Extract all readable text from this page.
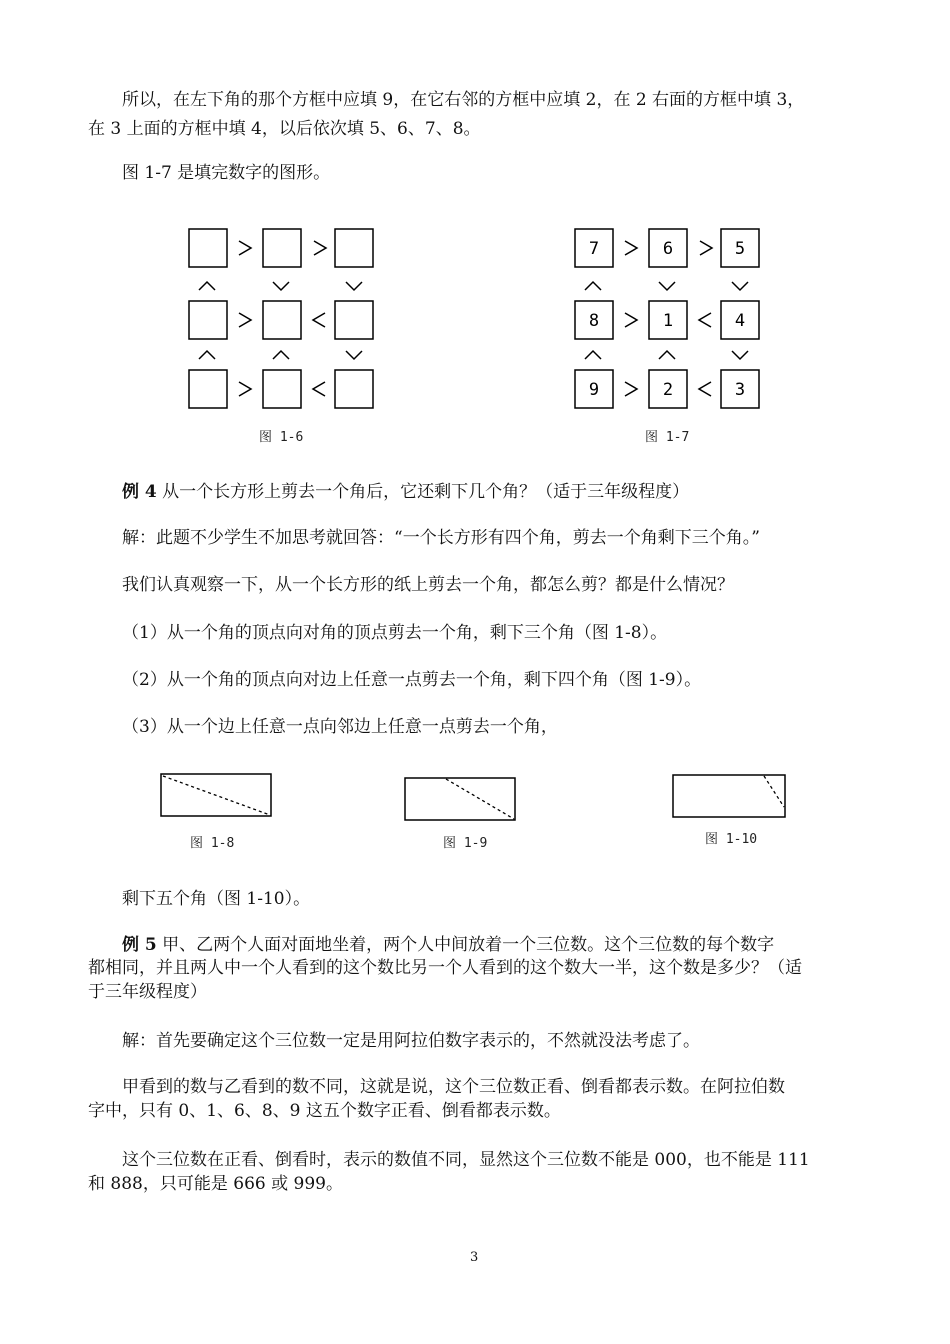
所以，在左下角的那个方框中应填 9，在它右邻的方框中应填 2，在 2 右面的方框中填 3，
在 3 上面的方框中填 4，以后依次填 5、6、7、8。
图 1-7 是填完数字的图形。
图 1-6
7	6	5
8	1	4
9	2	3
图 1-7
例 4 从一个长方形上剪去一个角后，它还剩下几个角？（适于三年级程度）
解：此题不少学生不加思考就回答：“一个长方形有四个角，剪去一个角剩下三个角。”
我们认真观察一下，从一个长方形的纸上剪去一个角，都怎么剪？都是什么情况？
（1）从一个角的顶点向对角的顶点剪去一个角，剩下三个角（图 1-8）。
（2）从一个角的顶点向对边上任意一点剪去一个角，剩下四个角（图 1-9）。
（3）从一个边上任意一点向邻边上任意一点剪去一个角，
图 1-8	图 1-9	图 1-10
剩下五个角（图 1-10）。
例 5 甲、乙两个人面对面地坐着，两个人中间放着一个三位数。这个三位数的每个数字
都相同，并且两人中一个人看到的这个数比另一个人看到的这个数大一半，这个数是多少？（适
于三年级程度）
解：首先要确定这个三位数一定是用阿拉伯数字表示的，不然就没法考虑了。
甲看到的数与乙看到的数不同，这就是说，这个三位数正看、倒看都表示数。在阿拉伯数
字中，只有 0、1、6、8、9 这五个数字正看、倒看都表示数。
这个三位数在正看、倒看时，表示的数值不同，显然这个三位数不能是 000，也不能是 111
和 888，只可能是 666 或 999。
3
